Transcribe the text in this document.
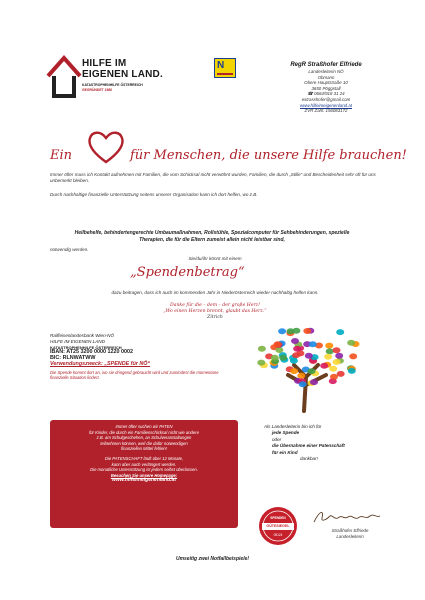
HILFE IM
EIGENEN LAND.
KATASTROPHENHILFE ÖSTERREICH
GEGRÜNDET 1980
N	RegR Straßhofer Elfriede
Landesleiterin NÖ
Obmann
Obere Hauptstraße 10
3650 Pöggstall
☎ 0664/918 31 24
estrasshofer@gmail.com
www.hilfeimeigenenland.at
ZVR Zahl: 156083172
Ein	für Menschen, die unsere Hilfe brauchen!
Immer öfter muss ich Kontakt aufnehmen mit Familien, die vom Schicksal nicht verwöhnt wurden, Familien, die durch „Stille“ und Bescheidenheit sehr oft für uns unbemerkt bleiben.
Durch nachhaltige finanzielle Unterstützung seitens unserer Organisation kann ich dort helfen, wo z.B.
Heilbehelfe, behindertengerechte Umbaumaßnahmen, Rollstühle, Spezialcomputer für Sehbehinderungen, spezielle Therapien, die für die Eltern zumeist allein nicht leistbar sind,
notwendig werden.
Sie/du/ihr könnt mit einem
„Spendenbetrag“
dazu beitragen, dass ich auch im kommenden Jahr in Niederösterreich wieder nachhaltig helfen kann.
Danke für die – dem – der große Herz!
„Wo einen Herzen brennt, glaubt das Herz.“
Zitrich
Raiffeisenlandesbank Wien-NÖ
HILFE IM EIGENEN LAND
KATASTROPHENHILFE ÖSTERREICH
IBAN: AT25 3200 0000 1220 0002
BIC: RLNWATWW
Verwendungszweck: „SPENDE für NÖ“
Die Spende kommt dort an, wo sie dringend gebraucht wird und zumindest die momentane finanzielle Situation lindert.
Immer öfter suchen wir PATEN
für Kinder, die durch ein Familienschicksal nicht wie andere
z.B. am Schulgeschehen, an Schulveranstaltungen
teilnehmen können, weil die dafür notwendigen
finanziellen Mittel fehlen!
Die PATENSCHAFT läuft über 12 Monate,
kann aber auch verlängert werden.
Die monatliche Unterstützung ist jedem selbst überlassen.
Besuchen Sie unsere Homepage:
www.hilfeimeigenenland.at
Als Landesleiterin bin ich für
jede Spende
oder
die Übernahme einer Patenschaft
für ein Kind
dankbar!
SPENDEN
GÜTESIEGEL
05124
Straßhofer Elfriede
Landesleiterin
Umseitig zwei Notfallbeispiele!
